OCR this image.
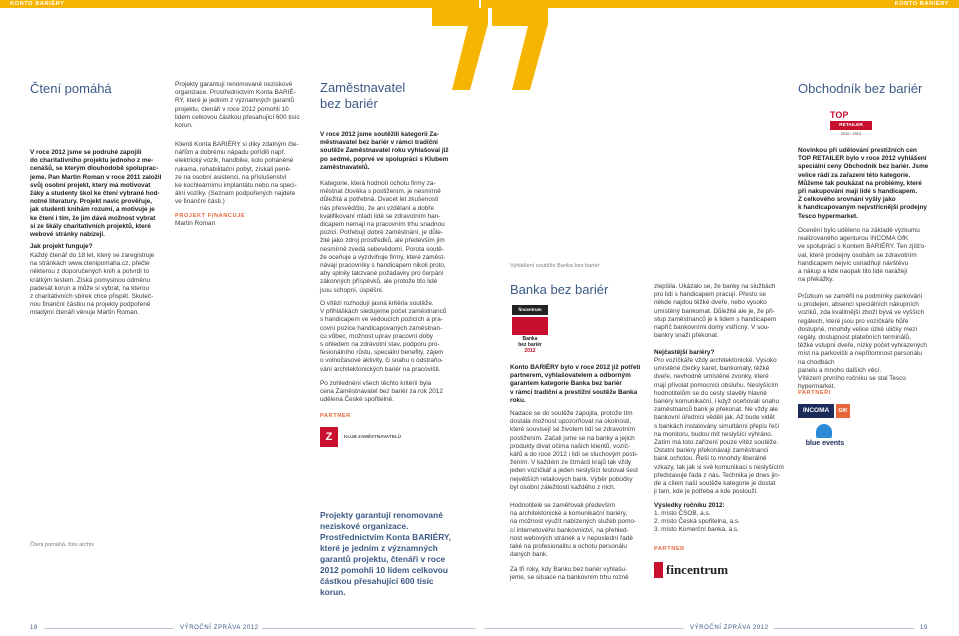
KONTO BARIÉRY	KONTO BARIÉRY
Čtení pomáhá
V roce 2012 jsme se podruhé zapojili
do charitativního projektu jednoho z me-
cenášů, se kterým dlouhodobě spoluprac-
jeme. Pan Martin Roman v roce 2011 založil
svůj osobní projekt, který má motivovat
žáky a studenty škol ke čtení vybrané hod-
notné literatury. Projekt navíc prověřuje,
jak studenti knihám rozumí, a motivuje je
ke čtení i tím, že jim dává možnost vybrat
si ze škály charitativních projektů, které
webové stránky nabízejí.
Jak projekt funguje?
Každý čtenář do 18 let, který se zaregistruje
na stránkách www.ctenipomaha.cz, přečte
některou z doporučených knih a potvrdí to
krátkým testem. Získá pomyslnou odměnu
padesát korun a může si vybrat, na kterou
z charitativních sbírek chce přispět. Skuteč-
nou finanční částku na projekty podpořené
mladými čtenáři věnuje Martin Roman.
Čtení pomáhá, foto archiv
Projekty garantují renomované neziskové
organizace. Prostřednictvím Konta BARIÉ-
RY, které je jedním z významných garantů
projektu, čtenáři v roce 2012 pomohli 10
lidem celkovou částkou přesahující 600 tisíc
korun.
Klienti Konta BARIÉRY si díky zdatným čte-
nářům a dobrému nápadu pořídili např.
elektrický vozík, handbike, kolo poháněné
rukama, rehabilitační pobyt, získali peně-
ze na osobní asistenci, na příslušenství
ke kochleárnímu implantátu nebo na speci-
ální vozíky. (Seznam podpořených najdete
ve finanční části.)
PROJEKT FINANCUJE
Martin Roman
Zaměstnavatel
bez bariér
V roce 2012 jsme soutěžili kategorii Za-
městnavatel bez bariér v rámci tradiční
soutěže Zaměstnavatel roku vyhlašovaí již
po sedmé, poprvé ve spolupráci s Klubem
zaměstnavatelů.
Kategorie, která hodnotí ochotu firmy za-
městnat člověka s postižením, je nesmírně
důležitá a potřebná. Dvacet let zkušeností
nás přesvědčilo, že ani vzdělaní a dobře
kvalifikovaní mladí lidé se zdravotním han-
dicapem nemají na pracovním trhu snadnou
pozici. Potřebují dobré zaměstnání, je důle-
žité jako zdroj prostředků, ale především jim
nesmírně zvedá sebevědomí. Porota soutě-
že oceňuje a vyzdvihuje firmy, které zaměst-
návají pracovníky s handicapem nikoli proto,
aby splnily takzvané požadavky pro čerpání
zákonných příspěvků, ale protože tito lidé
jsou schopní, úspěšní.
O vítězi rozhodují jasná kritéria soutěže.
V přihláškách sledujeme počet zaměstnanců
s handicapem ve vedoucích pozicích a pra-
covní pozice handicapovaných zaměstnan-
cu vůbec, možnost uprav pracovní doby
s ohledem na zdravotní stav, podporu pro-
fesionálního růstu, speciální benefity, zájem
o volnočasové aktivity, či snahu o odstraňo-
vání architektonických bariér na pracovišti.
Po zohlednění všech těchto kritérií byla
cena Zaměstnavatel bez bariér za rok 2012
udělena České spořitelně.
PARTNER
Z	KLUB ZAMĚSTNAVATELŮ
Projekty garantují renomované
neziskové organizace.
Prostřednictvím Konta BARIÉRY,
které je jedním z významných
garantů projektu, čtenáři v roce
2012 pomohli 10 lidem celkovou
částkou přesahující 600 tisíc
korun.
Vyhlášení soutěže Banka bez bariér
Banka bez bariér
fincentrum
Banka
bez bariér
2012
Konto BARIÉRY bylo v roce 2012 již potřetí
partnerem, vyhlašovatelem a odborným
garantem kategorie Banka bez bariér
v rámci tradiční a prestižní soutěže Banka
roku.
Nadace se do soutěže zapojila, protože tím
dostala možnost upozorňovat na okolnosti,
které souvisejí se životem lidí se zdravotním
postižením. Začali jsme se na banky a jejich
produkty dívat očima našich klientů, vozíč-
kářů a do roce 2012 i lidí se sluchovým posti-
žením. V každém ze čtrnácti krajů tak vždy
jeden vozíčkář a jeden neslyšící testoval šest
největších retailových bank. Výběr pobočky
byl osobní záležitostí každého z nich.
Hodnotitelé se zaměřovali především
na architektonické a komunikační bariéry,
na možnost využít nabízených služeb pomo-
cí internetového bankovnictví, na přehled-
nost webových stránek a v neposlední řadě
také na profesionalitu a ochotu personálu
daných bank.
Za tři roky, kdy Banku bez bariér vyhlašu-
jeme, se situace na bankovním trhu rozně
zlepšila. Ukázalo se, že banky na službách
pro lidi s handicapem pracují. Přesto se
někde najdou těžké dveře, nebo vysoko
umístěný bankomat. Důležité ale je, že při-
stup zaměstnanců je k lidem s handicapem
napříč bankovními domy vstřícný. V sou-
bankry snaží překonat.
Nejčastější bariéry?
Pro vozíčkáře vždy architektonické. Vysoko
umístěné čtečky karet, bankomaty, těžké
dveře, nevhodně umístěné zvonky, které
mají přivolat pomocníci obsluhu. Neslyšícím
hodnotitelům se do cesty stavěly hlavně
bariéry komunikační, i když oceňovali snahu
zaměstnanců bank je překonat. Ne vždy ale
bankovní úředníci věděli jak. Až bude vidět
s bankách instalovány simultánní přepis řeči
na monitoru, budou mít neslyšící výhráno.
Zatím má toto zařízení pouze vítěz soutěže.
Ostatní bariéry překonávají zaměstnanci
bank ochotou. Řeší to mnohdy liberálně
vzkazy, tak jak si své komunikaci s neslyšícím
představuje řada z nás. Technika je dnes jin-
de a cílem naší soutěže kategorie je dostat
ji tam, kde je potřeba a kde poslouží.
Výsledky ročníku 2012:
1. místo ČSOB, a.s.
2. místo Česká spořitelna, a.s.
3. místo Komerční banka, a.s.
PARTNER
fincentrum
Obchodník bez bariér
TOP
RETAILER
2012 / 2013
Novinkou při udělování prestižních cen
TOP RETAILER bylo v roce 2012 vyhlášení
speciální ceny Obchodník bez bariér. Jsme
velice rádi za zařazení této kategorie.
Můžeme tak poukázat na problémy, které
při nakupování mají lidé s handicapem.
Z celkového srovnání vyšly jako
k handicapovaným nejvstřícnější prodejny
Tesco hypermarket.
Ocenění bylo uděleno na základě výzkumu
realizovaného agenturou INCOMA GfK
ve spolupráci s Kontem BARIÉRY. Ten zjišťo-
val, které prodejny osobám se zdravotním
handicapem nejvíc usnadňují návštěvu
a nákup a kde naopak tito lidé narážejí
na překážky.
Průzkum se zaměřil na podmínky parkování
u prodejen, absenci speciálních nákupních
vozíků, zda kvalitnější zboží bývá ve vyšších
regálech, které jsou pro vozíčkáře hůře
dostupné, mnohdy velice úzké uličky mezi
regály, dostupnost platebních terminálů,
těžké vstupní dveře, nízký počet vyhrazených
míst na parkovišti a nepřítomnost personálu
na chodbách
panelu a mnoho dalších věcí.
Vítězem prvního ročníku se stal Tesco
hypermarket.
PARTNEŘI
INCOMA	GfK
blue events
18	VÝROČNÍ ZPRÁVA 2012	VÝROČNÍ ZPRÁVA 2012	19
